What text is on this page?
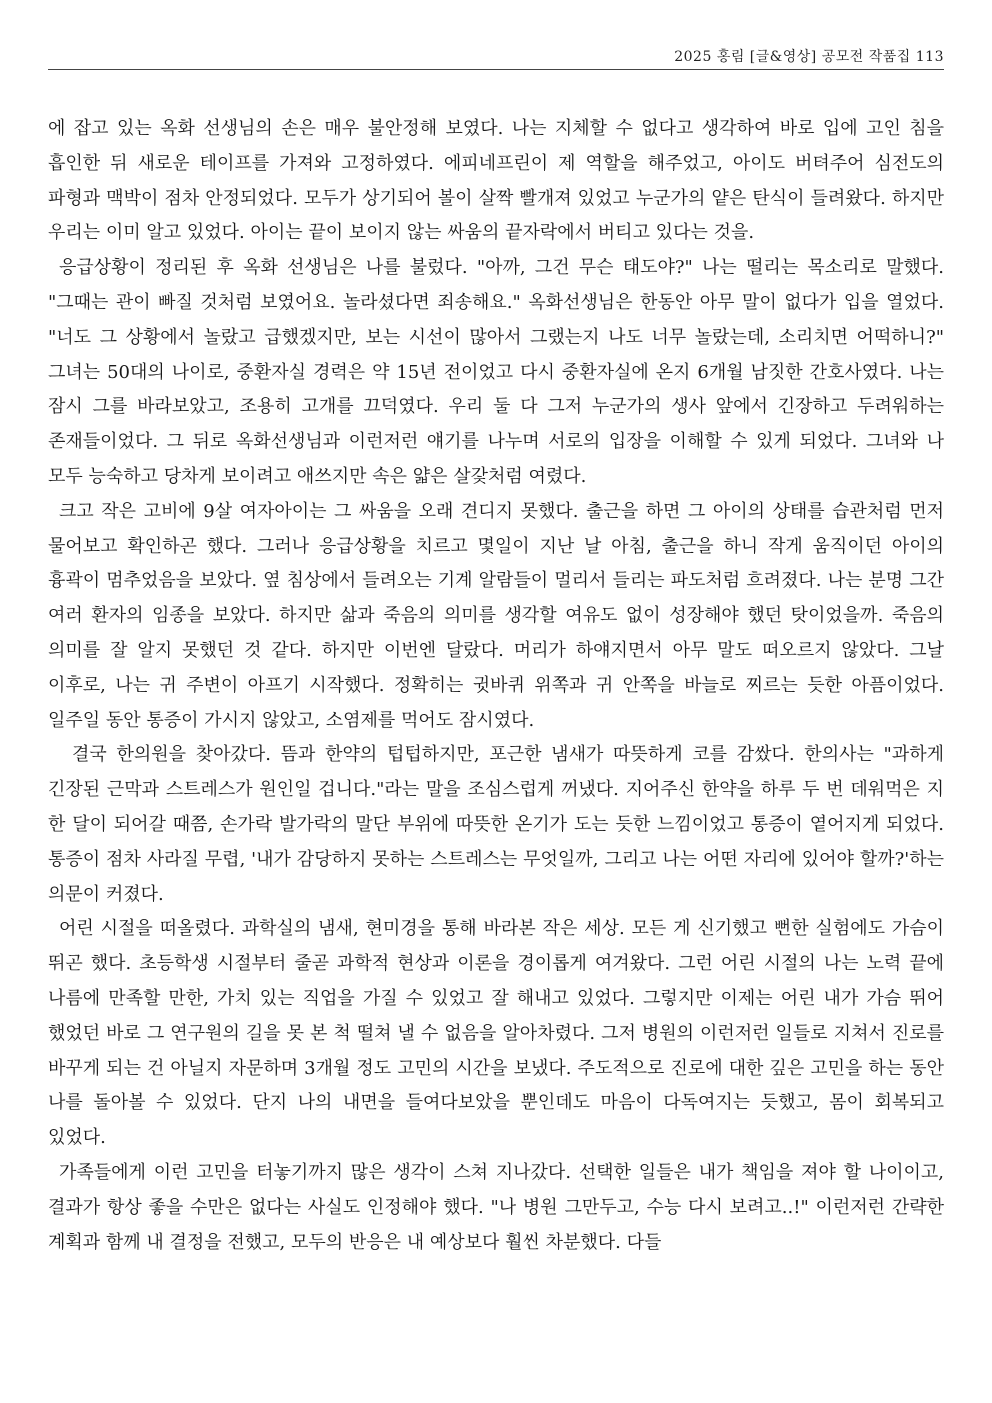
2025 홍림 [글&영상] 공모전 작품집 113

에 잡고 있는 옥화 선생님의 손은 매우 불안정해 보였다. 나는 지체할 수 없다고 생각하여 바로 입에 고인 침을 흡인한 뒤 새로운 테이프를 가져와 고정하였다. 에피네프린이 제 역할을 해주었고, 아이도 버텨주어 심전도의 파형과 맥박이 점차 안정되었다. 모두가 상기되어 볼이 살짝 빨개져 있었고 누군가의 얕은 탄식이 들려왔다. 하지만 우리는 이미 알고 있었다. 아이는 끝이 보이지 않는 싸움의 끝자락에서 버티고 있다는 것을.

응급상황이 정리된 후 옥화 선생님은 나를 불렀다. "아까, 그건 무슨 태도야?" 나는 떨리는 목소리로 말했다. "그때는 관이 빠질 것처럼 보였어요. 놀라셨다면 죄송해요." 옥화선생님은 한동안 아무 말이 없다가 입을 열었다. "너도 그 상황에서 놀랐고 급했겠지만, 보는 시선이 많아서 그랬는지 나도 너무 놀랐는데, 소리치면 어떡하니?" 그녀는 50대의 나이로, 중환자실 경력은 약 15년 전이었고 다시 중환자실에 온지 6개월 남짓한 간호사였다. 나는 잠시 그를 바라보았고, 조용히 고개를 끄덕였다. 우리 둘 다 그저 누군가의 생사 앞에서 긴장하고 두려워하는 존재들이었다. 그 뒤로 옥화선생님과 이런저런 얘기를 나누며 서로의 입장을 이해할 수 있게 되었다. 그녀와 나 모두 능숙하고 당차게 보이려고 애쓰지만 속은 얇은 살갗처럼 여렸다.

크고 작은 고비에 9살 여자아이는 그 싸움을 오래 견디지 못했다. 출근을 하면 그 아이의 상태를 습관처럼 먼저 물어보고 확인하곤 했다. 그러나 응급상황을 치르고 몇일이 지난 날 아침, 출근을 하니 작게 움직이던 아이의 흉곽이 멈추었음을 보았다. 옆 침상에서 들려오는 기계 알람들이 멀리서 들리는 파도처럼 흐려졌다. 나는 분명 그간 여러 환자의 임종을 보았다. 하지만 삶과 죽음의 의미를 생각할 여유도 없이 성장해야 했던 탓이었을까. 죽음의 의미를 잘 알지 못했던 것 같다. 하지만 이번엔 달랐다. 머리가 하얘지면서 아무 말도 떠오르지 않았다. 그날 이후로, 나는 귀 주변이 아프기 시작했다. 정확히는 귓바퀴 위쪽과 귀 안쪽을 바늘로 찌르는 듯한 아픔이었다. 일주일 동안 통증이 가시지 않았고, 소염제를 먹어도 잠시였다.

결국 한의원을 찾아갔다. 뜸과 한약의 텁텁하지만, 포근한 냄새가 따뜻하게 코를 감쌌다. 한의사는 "과하게 긴장된 근막과 스트레스가 원인일 겁니다."라는 말을 조심스럽게 꺼냈다. 지어주신 한약을 하루 두 번 데워먹은 지 한 달이 되어갈 때쯤, 손가락 발가락의 말단 부위에 따뜻한 온기가 도는 듯한 느낌이었고 통증이 옅어지게 되었다. 통증이 점차 사라질 무렵, '내가 감당하지 못하는 스트레스는 무엇일까, 그리고 나는 어떤 자리에 있어야 할까?'하는 의문이 커졌다.

어린 시절을 떠올렸다. 과학실의 냄새, 현미경을 통해 바라본 작은 세상. 모든 게 신기했고 뻔한 실험에도 가슴이 뛰곤 했다. 초등학생 시절부터 줄곧 과학적 현상과 이론을 경이롭게 여겨왔다. 그런 어린 시절의 나는 노력 끝에 나름에 만족할 만한, 가치 있는 직업을 가질 수 있었고 잘 해내고 있었다. 그렇지만 이제는 어린 내가 가슴 뛰어 했었던 바로 그 연구원의 길을 못 본 척 떨쳐 낼 수 없음을 알아차렸다. 그저 병원의 이런저런 일들로 지쳐서 진로를 바꾸게 되는 건 아닐지 자문하며 3개월 정도 고민의 시간을 보냈다. 주도적으로 진로에 대한 깊은 고민을 하는 동안 나를 돌아볼 수 있었다. 단지 나의 내면을 들여다보았을 뿐인데도 마음이 다독여지는 듯했고, 몸이 회복되고 있었다.

가족들에게 이런 고민을 터놓기까지 많은 생각이 스쳐 지나갔다. 선택한 일들은 내가 책임을 져야 할 나이이고, 결과가 항상 좋을 수만은 없다는 사실도 인정해야 했다. "나 병원 그만두고, 수능 다시 보려고..!" 이런저런 간략한 계획과 함께 내 결정을 전했고, 모두의 반응은 내 예상보다 훨씬 차분했다. 다들
